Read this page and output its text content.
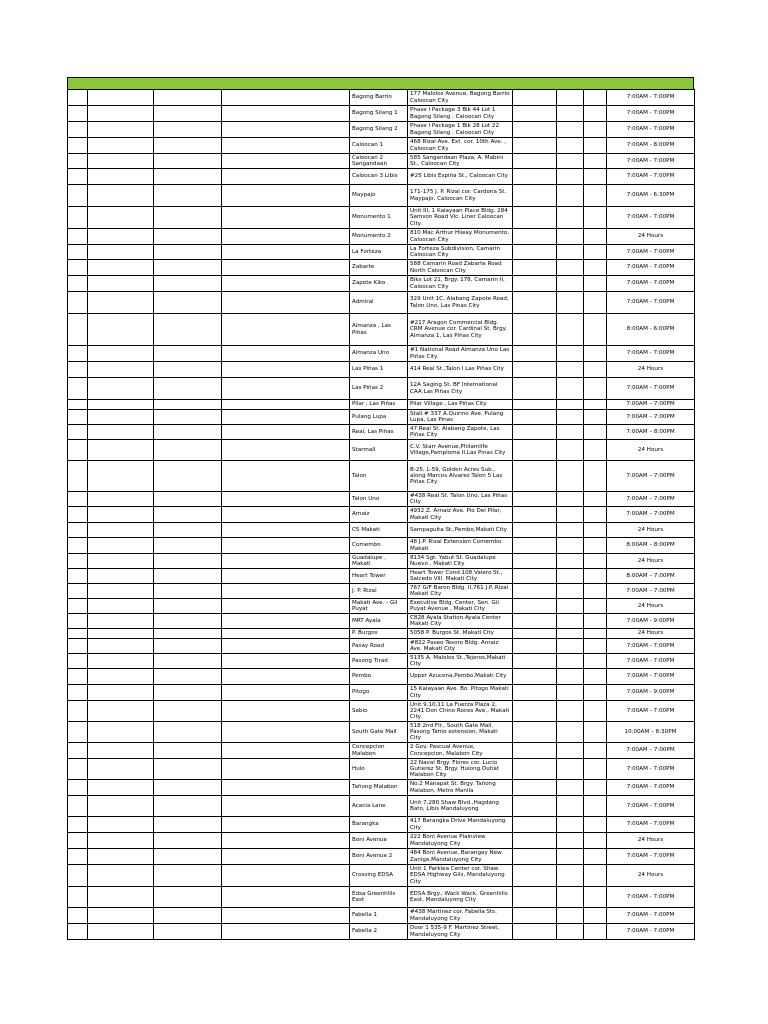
				Bagong Barrio	177 Malolos Avenue, Bagong Barrio Caloocan City				7:00AM - 7:00PM
				Bagong Silang 1	Phase I Package 3 Blk 44 Lot 1 Bagong Silang , Caloocan City				7:00AM - 7:00PM
				Bagong Silang 2	Phase I Package 1 Blk 28 Lot 22 Bagong Silang , Caloocan City				7:00AM - 7:00PM
				Caloocan 1	468 Rizal Ave. Ext. cor. 10th Ave. , Caloocan City				7:00AM - 8:00PM
				Caloocan 2 Sangandaan	585 Sangandaan Plaza, A. Mabini St., Caloocan City				7:00AM - 7:00PM
				Caloocan 3 Libis	#25 Libis Espiña St., Caloocan City				7:00AM - 7:00PM
				Maypajo	171-175 J. P. Rizal cor. Cardona St. Maypajo, Caloocan City				7:00AM - 6:30PM
				Monumento 1	Unit III, 1 Kalayaan Place Bldg. 284 Samson Road Vic. Liner Caloocan City				7:00AM - 7:00PM
				Monumento 2	810 Mac Arthur Hiway Monumento, Caloocan City				24 Hours
				La Forteza	La Forteza Subdivision, Camarin Caloocan City				7:00AM - 7:00PM
				Zabarte	588 Camarin Road Zabarte Road North Caloocan City				7:00AM - 7:00PM
				Zapote Kiko	Blks Lot 21, Brgy. 178, Camarin II, Caloocan City				7:00AM - 7:00PM
				Admiral	329 Unit 1C, Alabang Zapote Road, Talon Uno, Las Pinas City				7:00AM - 7:00PM
				Almanza , Las Piñas	#217 Aragon Commercial Bldg. CRM Avenue cor. Cardinal St. Brgy. Almanza 1, Las Piñas City				8:00AM - 6:00PM
				Almanza Uno	#1 National Road Almanza Uno Las Piñas City				7:00AM - 7:00PM
				Las Piñas 1	414 Real St.,Talon I Las Piñas City				24 Hours
				Las Piñas 2	12A Saging St. BF International CAA Las Piñas City				7:00AM - 7:00PM
				Pilar , Las Piñas	Pilar Village , Las Piñas City				7:00AM – 7:00PM
				Pulang Lupa	Stall # 337 A.Quirino Ave. Pulang Lupa, Las Pinas				7:00AM – 7:00PM
				Real, Las Piñas	47 Real St. Alabang Zapote, Las Piñas City				7:00AM – 8:00PM
				Starmall	C.V. Starr Avenue,Philamlife Village,Pamploma II,Las Pinas City				24 Hours
				Talon	B-25, L-59, Golden Acres Sub., along Marcos Alvarez Talon 5 Las Piñas City				7:00AM – 7:00PM
				Talon Uno	#438 Real St. Talon Uno, Las Piñas City				7:00AM – 7:00PM
				Arnaiz	4932 Z. Arnaiz Ave. Pio Del Pilar, Makati City				7:00AM – 7:00PM
				C5 Makati	Sampaguita St.,Pembo,Makati City				24 Hours
				Comembo	48 J.P. Rizal Extension Comembo Makati				8:00AM – 8:00PM
				Guadalupe , Makati	8134 Sgt. Yabut St. Guadalupe Nuevo , Makati City				24 Hours
				Heart Tower	Heart Tower Cond.108 Valero St., Salcedo Vill. Makati City				8:00AM – 7:00PM
				J. P. Rizal	767 G/F Baron Bldg. II,761 J.P. Rizal Makati City				7:00AM – 7:00PM
				Makati Ave. - Gil Puyat	Executive Bldg. Center, Sen. Gil Puyat Avenue , Makati City				24 Hours
				MRT Ayala	C828 Ayala Station Ayala Center Makati City				7:00AM - 9:00PM
				P. Burgos	5058 P. Burgos St. Makati City				24 Hours
				Pasay Road	#822 Paseo Tesoro Bldg. Arnaiz Ave. Makati City				7:00AM - 7:00PM
				Pasong Tirad	5135 A. Malolos St.,Tejeros,Makati City				7:00AM - 7:00PM
				Pembo	Upper Azucena,Pembo,Makati City				7:00AM - 7:00PM
				Pitogo	15 Kalayaan Ave. Bo. Pitogo Makati City				7:00AM - 9:00PM
				Sabio	Unit 9,10,11 La Fuerza Plaza 2, 2241 Don Chino Roces Ave., Makati City				7:00AM - 7:00PM
				South Gate Mall	518 2nd Flr., South Gate Mall, Pasong Tamo extension, Makati City				10:00AM – 8:30PM
				Concepcion Malabon	2 Gov. Pascual Avenue, Concepcion, Malabon City				7:00AM – 7:00PM
				Hulo	22 Naval Brgy. Flores cor. Lucio Gutierez St. Brgy. Hulong Duhat Malabon City				7:00AM - 7:00PM
				Tañong Malabon	No.2 Manapat St. Brgy. Tañong Malabon, Metro Manila				7:00AM - 7:00PM
				Acacia Lane	Unit 7,280 Shaw Blvd.,Hagdang Bato, Libis Mandaluyong				7:00AM - 7:00PM
				Barangka	417 Barangka Drive Mandaluyong City				7:00AM - 7:00PM
				Boni Avenue	222 Boni Avenue Plainview Mandaluyong City				24 Hours
				Boni Avenue 2	484 Boni Avenue, Barangay New Zaniga,Mandaluyong City				7:00AM - 7:00PM
				Crossing EDSA	Unit 1 Parklea Center cor. Shaw EDSA Highway Gils, Mandaluyong City				24 Hours
				Edsa Greenhills East	EDSA Brgy., Wack Wack, Greenhills East, Mandaluyong City				7:00AM - 7:00PM
				Fabella 1	#438 Martinez cor. Fabella Sts. Mandaluyong City				7:00AM - 7:00PM
				Fabella 2	Door 1 535-9 F. Martinez Street, Mandaluyong City				7:00AM - 7:00PM
